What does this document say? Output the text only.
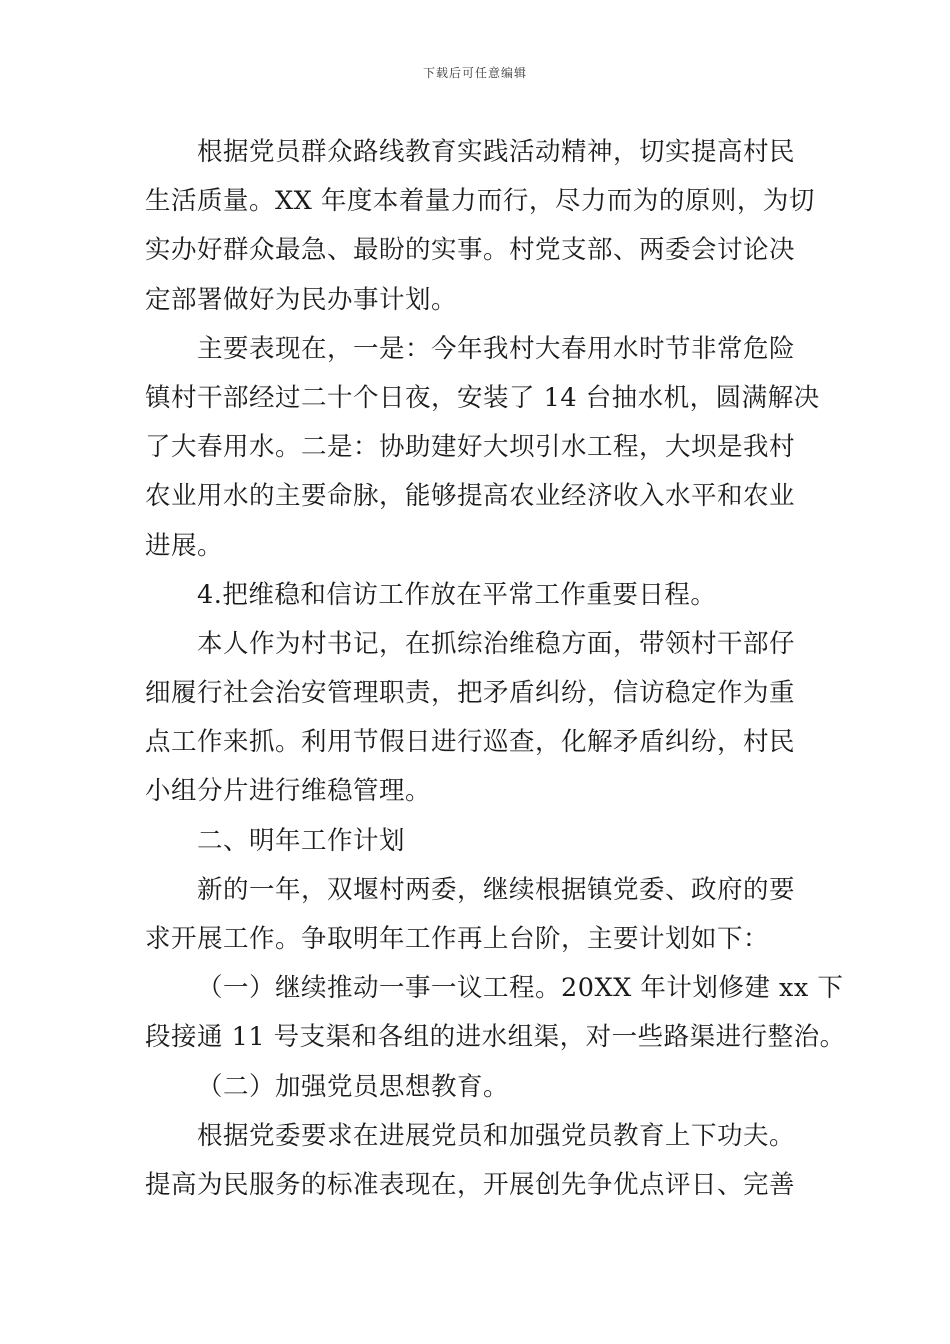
下载后可任意编辑
根据党员群众路线教育实践活动精神，切实提高村民
生活质量。XX 年度本着量力而行，尽力而为的原则，为切
实办好群众最急、最盼的实事。村党支部、两委会讨论决
定部署做好为民办事计划。
主要表现在，一是：今年我村大春用水时节非常危险
镇村干部经过二十个日夜，安装了 14 台抽水机，圆满解决
了大春用水。二是：协助建好大坝引水工程，大坝是我村
农业用水的主要命脉，能够提高农业经济收入水平和农业
进展。
4.把维稳和信访工作放在平常工作重要日程。
本人作为村书记，在抓综治维稳方面，带领村干部仔
细履行社会治安管理职责，把矛盾纠纷，信访稳定作为重
点工作来抓。利用节假日进行巡查，化解矛盾纠纷，村民
小组分片进行维稳管理。
二、明年工作计划
新的一年，双堰村两委，继续根据镇党委、政府的要
求开展工作。争取明年工作再上台阶，主要计划如下：
（一）继续推动一事一议工程。20XX 年计划修建 xx 下
段接通 11 号支渠和各组的进水组渠，对一些路渠进行整治。
（二）加强党员思想教育。
根据党委要求在进展党员和加强党员教育上下功夫。
提高为民服务的标准表现在，开展创先争优点评日、完善
